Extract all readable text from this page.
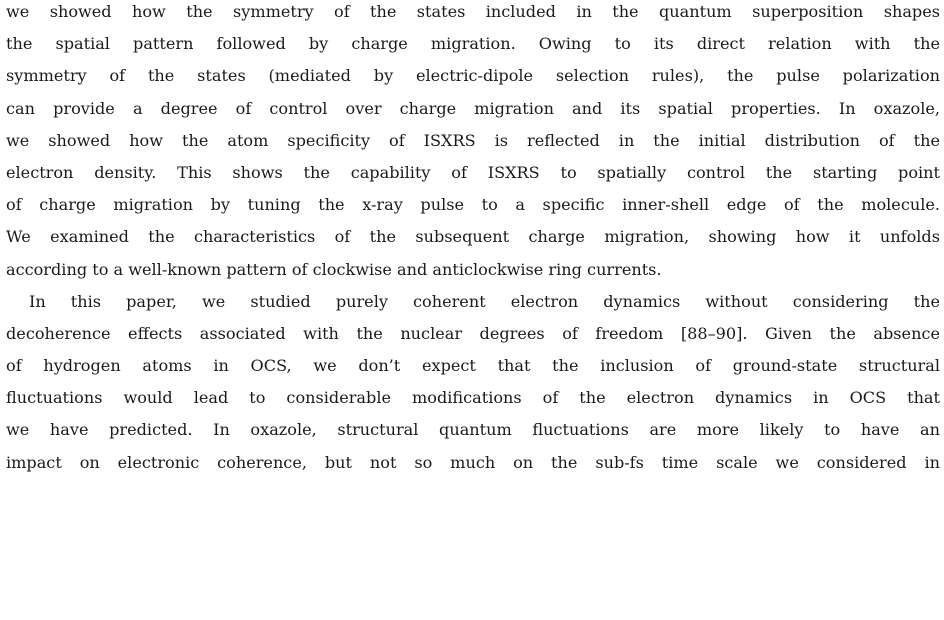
we showed how the symmetry of the states included in the quantum superposition shapes
the spatial pattern followed by charge migration. Owing to its direct relation with the
symmetry of the states (mediated by electric-dipole selection rules), the pulse polarization
can provide a degree of control over charge migration and its spatial properties. In oxazole,
we showed how the atom specificity of ISXRS is reflected in the initial distribution of the
electron density. This shows the capability of ISXRS to spatially control the starting point
of charge migration by tuning the x-ray pulse to a specific inner-shell edge of the molecule.
We examined the characteristics of the subsequent charge migration, showing how it unfolds
according to a well-known pattern of clockwise and anticlockwise ring currents.
In this paper, we studied purely coherent electron dynamics without considering the
decoherence effects associated with the nuclear degrees of freedom [88–90]. Given the absence
of hydrogen atoms in OCS, we don’t expect that the inclusion of ground-state structural
fluctuations would lead to considerable modifications of the electron dynamics in OCS that
we have predicted. In oxazole, structural quantum fluctuations are more likely to have an
impact on electronic coherence, but not so much on the sub-fs time scale we considered in
